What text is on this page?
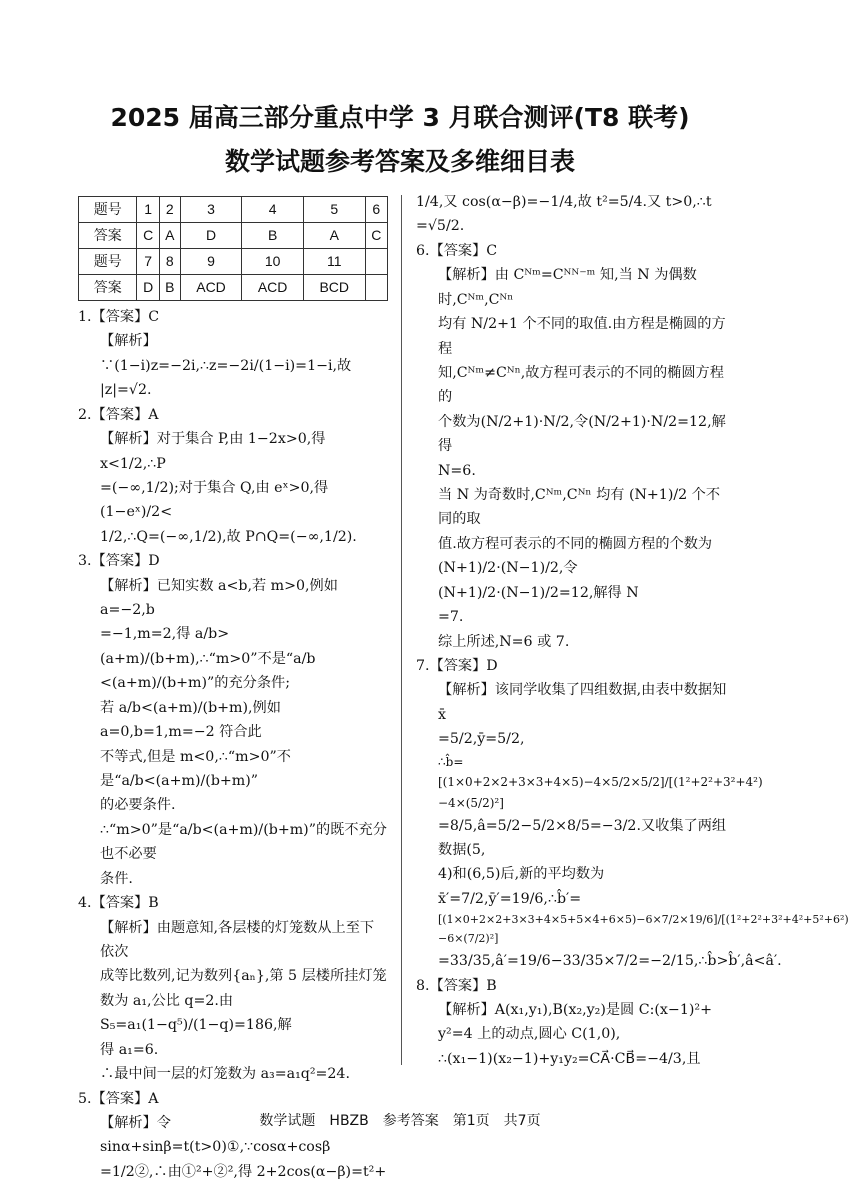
2025 届高三部分重点中学 3 月联合测评(T8 联考)
数学试题参考答案及多维细目表
题号	1	2	3	4	5	6
答案	C	A	D	B	A	C
题号	7	8	9	10	11	
答案	D	B	ACD	ACD	BCD	
1.【答案】C
【解析】∵(1−i)z=−2i,∴z=−2i/(1−i)=1−i,故
|z|=√2.
2.【答案】A
【解析】对于集合 P,由 1−2x>0,得 x<1/2,∴P
=(−∞,1/2);对于集合 Q,由 eˣ>0,得 (1−eˣ)/2<
1/2,∴Q=(−∞,1/2),故 P∩Q=(−∞,1/2).
3.【答案】D
【解析】已知实数 a<b,若 m>0,例如 a=−2,b
=−1,m=2,得 a/b>(a+m)/(b+m),∴“m>0”不是“a/b
<(a+m)/(b+m)”的充分条件;
若 a/b<(a+m)/(b+m),例如 a=0,b=1,m=−2 符合此
不等式,但是 m<0,∴“m>0”不是“a/b<(a+m)/(b+m)”
的必要条件.
∴“m>0”是“a/b<(a+m)/(b+m)”的既不充分也不必要
条件.
4.【答案】B
【解析】由题意知,各层楼的灯笼数从上至下依次
成等比数列,记为数列{aₙ},第 5 层楼所挂灯笼
数为 a₁,公比 q=2.由 S₅=a₁(1−q⁵)/(1−q)=186,解
得 a₁=6.
∴最中间一层的灯笼数为 a₃=a₁q²=24.
5.【答案】A
【解析】令 sinα+sinβ=t(t>0)①,∵cosα+cosβ
=1/2②,∴由①²+②²,得 2+2cos(α−β)=t²+
1/4,又 cos(α−β)=−1/4,故 t²=5/4.又 t>0,∴t
=√5/2.
6.【答案】C
【解析】由 Cᴺᵐ=Cᴺᴺ⁻ᵐ 知,当 N 为偶数时,Cᴺᵐ,Cᴺⁿ
均有 N/2+1 个不同的取值.由方程是椭圆的方程
知,Cᴺᵐ≠Cᴺⁿ,故方程可表示的不同的椭圆方程的
个数为(N/2+1)·N/2,令(N/2+1)·N/2=12,解得
N=6.
当 N 为奇数时,Cᴺᵐ,Cᴺⁿ 均有 (N+1)/2 个不同的取
值.故方程可表示的不同的椭圆方程的个数为
(N+1)/2·(N−1)/2,令 (N+1)/2·(N−1)/2=12,解得 N
=7.
综上所述,N=6 或 7.
7.【答案】D
【解析】该同学收集了四组数据,由表中数据知 x̄
=5/2,ȳ=5/2,
∴b̂=[(1×0+2×2+3×3+4×5)−4×5/2×5/2]/[(1²+2²+3²+4²)−4×(5/2)²]
=8/5,â=5/2−5/2×8/5=−3/2.又收集了两组数据(5,
4)和(6,5)后,新的平均数为 x̄′=7/2,ȳ′=19/6,∴b̂′=
[(1×0+2×2+3×3+4×5+5×4+6×5)−6×7/2×19/6]/[(1²+2²+3²+4²+5²+6²)−6×(7/2)²]
=33/35,â′=19/6−33/35×7/2=−2/15,∴b̂>b̂′,â<â′.
8.【答案】B
【解析】A(x₁,y₁),B(x₂,y₂)是圆 C:(x−1)²+
y²=4 上的动点,圆心 C(1,0),
∴(x₁−1)(x₂−1)+y₁y₂=CA⃗·CB⃗=−4/3,且
数学试题　HBZB　参考答案　第1页　共7页
